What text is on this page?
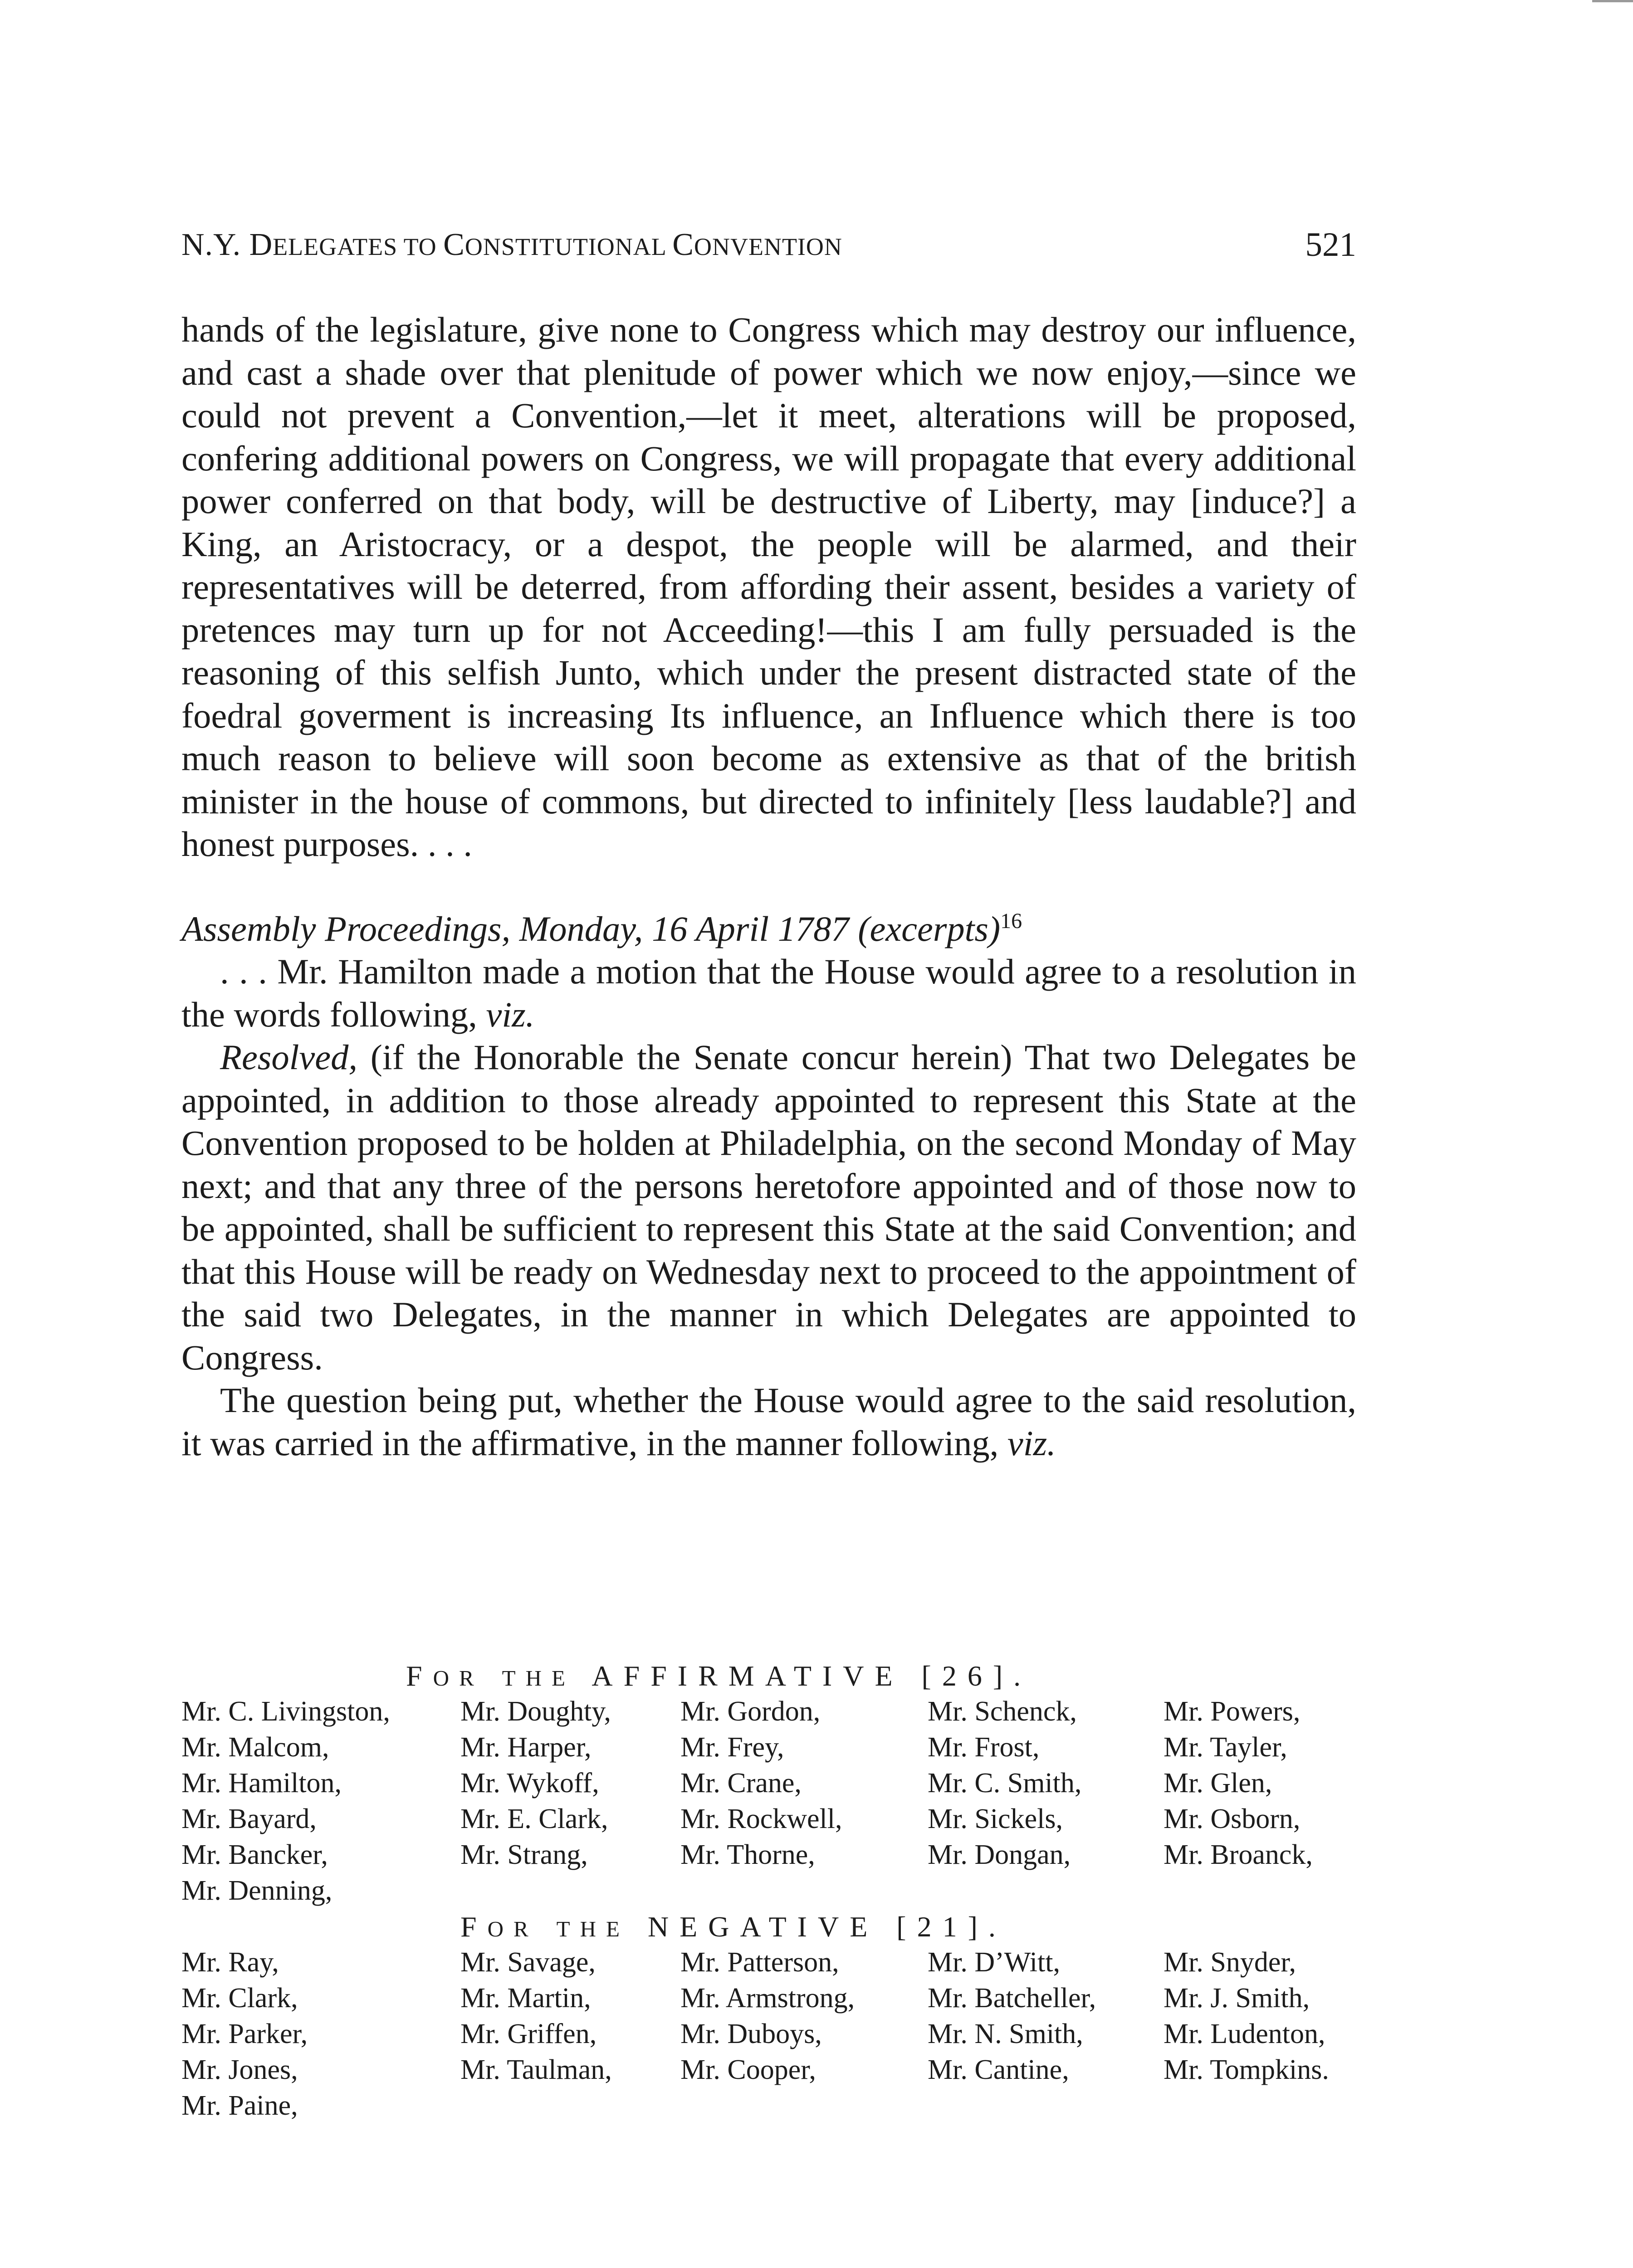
N.Y. DELEGATES TO CONSTITUTIONAL CONVENTION	521

hands of the legislature, give none to Congress which may destroy our influence, and cast a shade over that plenitude of power which we now enjoy,—since we could not prevent a Convention,—let it meet, alterations will be proposed, confering additional powers on Congress, we will propagate that every additional power conferred on that body, will be destructive of Liberty, may [induce?] a King, an Aristocracy, or a despot, the people will be alarmed, and their representatives will be deterred, from affording their assent, besides a variety of pretences may turn up for not Acceeding!—this I am fully persuaded is the reasoning of this selfish Junto, which under the present distracted state of the foedral goverment is increasing Its influence, an Influence which there is too much reason to believe will soon become as extensive as that of the british minister in the house of commons, but directed to infinitely [less laudable?] and honest purposes. . . .

Assembly Proceedings, Monday, 16 April 1787 (excerpts)$^{16}$

. . . Mr. Hamilton made a motion that the House would agree to a resolution in the words following, viz.

Resolved, (if the Honorable the Senate concur herein) That two Delegates be appointed, in addition to those already appointed to represent this State at the Convention proposed to be holden at Philadelphia, on the second Monday of May next; and that any three of the persons heretofore appointed and of those now to be appointed, shall be sufficient to represent this State at the said Convention; and that this House will be ready on Wednesday next to proceed to the appointment of the said two Delegates, in the manner in which Delegates are appointed to Congress.

The question being put, whether the House would agree to the said resolution, it was carried in the affirmative, in the manner following, viz.

FOR THE AFFIRMATIVE [26].
Mr. C. Livingston,
Mr. Malcom,
Mr. Hamilton,
Mr. Bayard,
Mr. Bancker,
Mr. Denning,
Mr. Doughty,
Mr. Harper,
Mr. Wykoff,
Mr. E. Clark,
Mr. Strang,
Mr. Gordon,
Mr. Frey,
Mr. Crane,
Mr. Rockwell,
Mr. Thorne,
Mr. Schenck,
Mr. Frost,
Mr. C. Smith,
Mr. Sickels,
Mr. Dongan,
Mr. Powers,
Mr. Tayler,
Mr. Glen,
Mr. Osborn,
Mr. Broanck,
FOR THE NEGATIVE [21].
Mr. Ray,
Mr. Clark,
Mr. Parker,
Mr. Jones,
Mr. Paine,
Mr. Savage,
Mr. Martin,
Mr. Griffen,
Mr. Taulman,
Mr. Patterson,
Mr. Armstrong,
Mr. Duboys,
Mr. Cooper,
Mr. D’Witt,
Mr. Batcheller,
Mr. N. Smith,
Mr. Cantine,
Mr. Snyder,
Mr. J. Smith,
Mr. Ludenton,
Mr. Tompkins.
